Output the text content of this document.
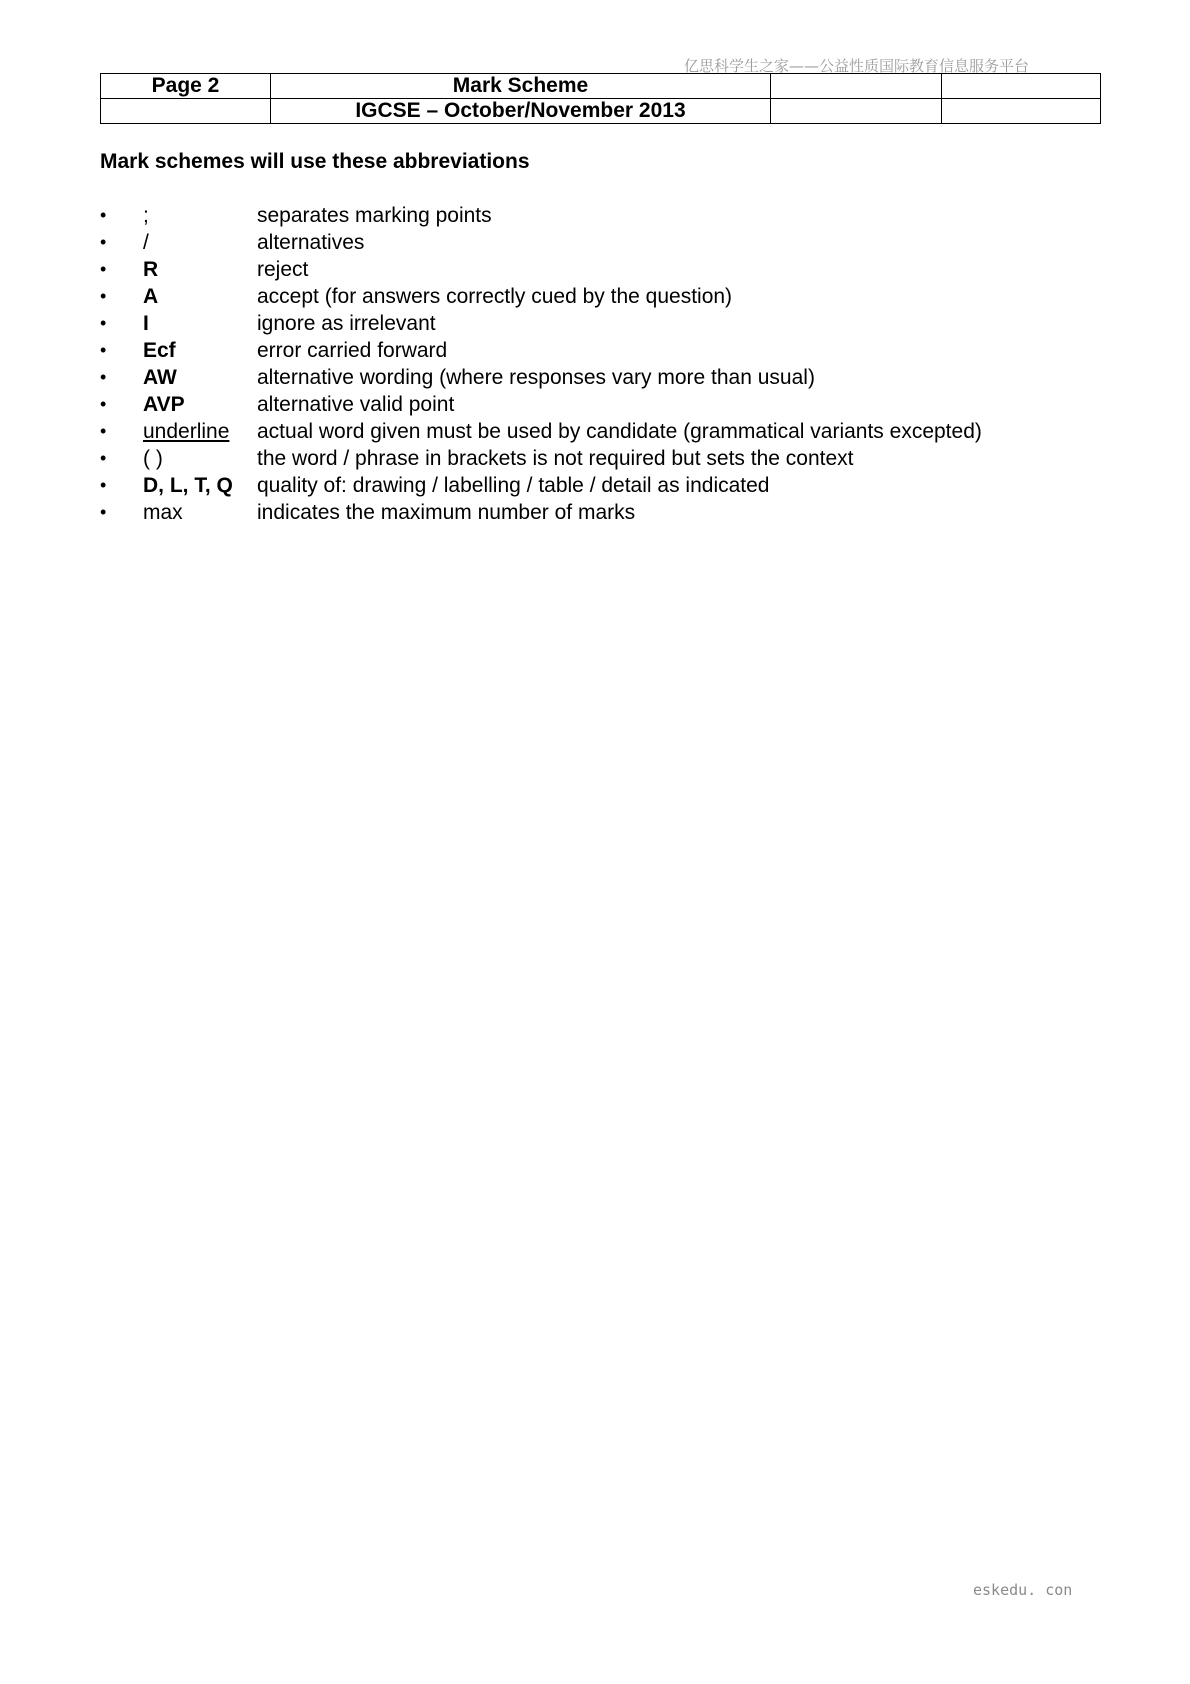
亿思科学生之家——公益性质国际教育信息服务平台
Page 2	Mark Scheme		
	IGCSE – October/November 2013		
Mark schemes will use these abbreviations
• ;	separates marking points
• /	alternatives
• R	reject
• A	accept (for answers correctly cued by the question)
• I	ignore as irrelevant
• Ecf	error carried forward
• AW	alternative wording (where responses vary more than usual)
• AVP	alternative valid point
• underline actual word given must be used by candidate (grammatical variants excepted)
• ( )	the word / phrase in brackets is not required but sets the context
• D, L, T, Q quality of: drawing / labelling / table / detail as indicated
• max	indicates the maximum number of marks
eskedu. con
